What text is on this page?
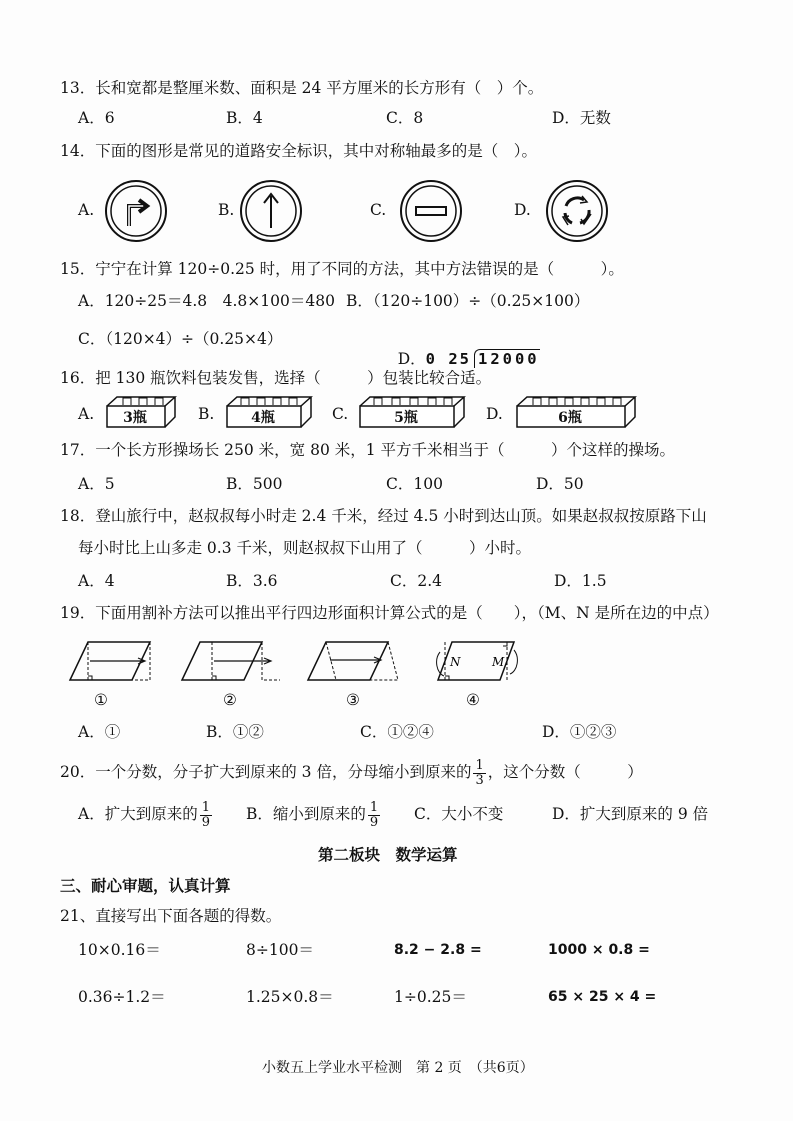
13．长和宽都是整厘米数、面积是 24 平方厘米的长方形有（　）个。
A．6	B．4	C．8	D．无数
14．下面的图形是常见的道路安全标识，其中对称轴最多的是（　）。
A.	B.	C.	D.
15．宁宁在计算 120÷0.25 时，用了不同的方法，其中方法错误的是（　　　）。
A．120÷25＝4.8　4.8×100＝480 B．（120÷100）÷（0.25×100）
C．（120×4）÷（0.25×4）

D．0 25 12000

16．把 130 瓶饮料包装发售，选择（　　　）包装比较合适。
A.	B.	C.	D.
3瓶	4瓶	5瓶	6瓶
17．一个长方形操场长 250 米，宽 80 米，1 平方千米相当于（　　　）个这样的操场。
A．5	B．500	C．100	D．50
18．登山旅行中，赵叔叔每小时走 2.4 千米，经过 4.5 小时到达山顶。如果赵叔叔按原路下山
每小时比上山多走 0.3 千米，则赵叔叔下山用了（　　　）小时。
A．4	B．3.6	C．2.4	D．1.5
19．下面用割补方法可以推出平行四边形面积计算公式的是（　　），（M、N 是所在边的中点）
N	M
①	②	③	④
A．①	B．①②	C．①②④	D．①②③
20．一个分数，分子扩大到原来的 3 倍，分母缩小到原来的 $\frac{1}{3}$ ，这个分数（　　　）
A．扩大到原来的 $\frac{1}{9}$ B．缩小到原来的 $\frac{1}{9}$ C．大小不变	D．扩大到原来的 9 倍
第二板块　数学运算
三、耐心审题，认真计算
21、直接写出下面各题的得数。
10×0.16＝	8÷100＝	8.2 − 2.8 =	1000 × 0.8 =
0.36÷1.2＝	1.25×0.8＝	1÷0.25＝	65 × 25 × 4 =
小数五上学业水平检测　第 2 页　（共6页）
